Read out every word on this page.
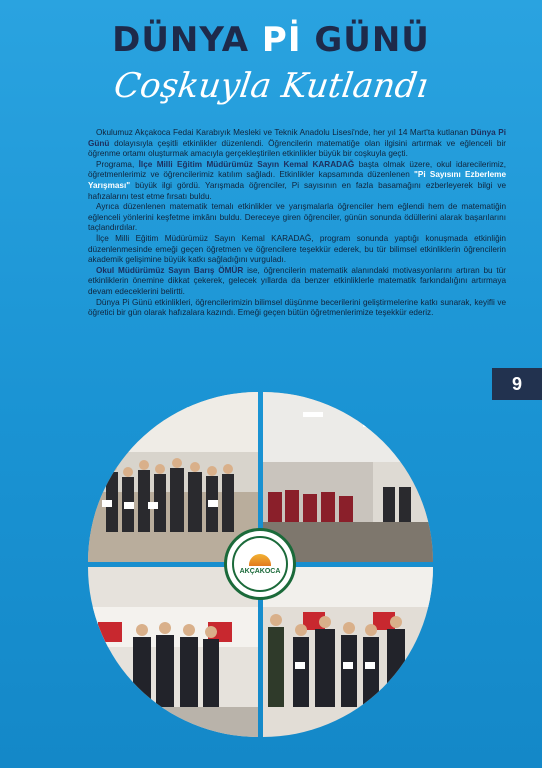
DÜNYA Pİ GÜNÜ
Coşkuyla Kutlandı

Okulumuz Akçakoca Fedai Karabıyık Mesleki ve Teknik Anadolu Lisesi'nde, her yıl 14 Mart'ta kutlanan Dünya Pi Günü dolayısıyla çeşitli etkinlikler düzenlendi. Öğrencilerin matematiğe olan ilgisini artırmak ve eğlenceli bir öğrenme ortamı oluşturmak amacıyla gerçekleştirilen etkinlikler büyük bir coşkuyla geçti.

Programa, İlçe Milli Eğitim Müdürümüz Sayın Kemal KARADAĞ başta olmak üzere, okul idarecilerimiz, öğretmenlerimiz ve öğrencilerimiz katılım sağladı. Etkinlikler kapsamında düzenlenen "Pi Sayısını Ezberleme Yarışması" büyük ilgi gördü. Yarışmada öğrenciler, Pi sayısının en fazla basamağını ezberleyerek bilgi ve hafızalarını test etme fırsatı buldu.

Ayrıca düzenlenen matematik temalı etkinlikler ve yarışmalarla öğrenciler hem eğlendi hem de matematiğin eğlenceli yönlerini keşfetme imkânı buldu. Dereceye giren öğrenciler, günün sonunda ödüllerini alarak başarılarını taçlandırdılar.

İlçe Milli Eğitim Müdürümüz Sayın Kemal KARADAĞ, program sonunda yaptığı konuşmada etkinliğin düzenlenmesinde emeği geçen öğretmen ve öğrencilere teşekkür ederek, bu tür bilimsel etkinliklerin öğrencilerin akademik gelişimine büyük katkı sağladığını vurguladı.

Okul Müdürümüz Sayın Barış ÖMÜR ise, öğrencilerin matematik alanındaki motivasyonlarını artıran bu tür etkinliklerin önemine dikkat çekerek, gelecek yıllarda da benzer etkinliklerle matematik farkındalığını artırmaya devam edeceklerini belirtti.

Dünya Pi Günü etkinlikleri, öğrencilerimizin bilimsel düşünme becerilerini geliştirmelerine katkı sunarak, keyifli ve öğretici bir gün olarak hafızalara kazındı. Emeği geçen bütün öğretmenlerimize teşekkür ederiz.

9
AKÇAKOCA
